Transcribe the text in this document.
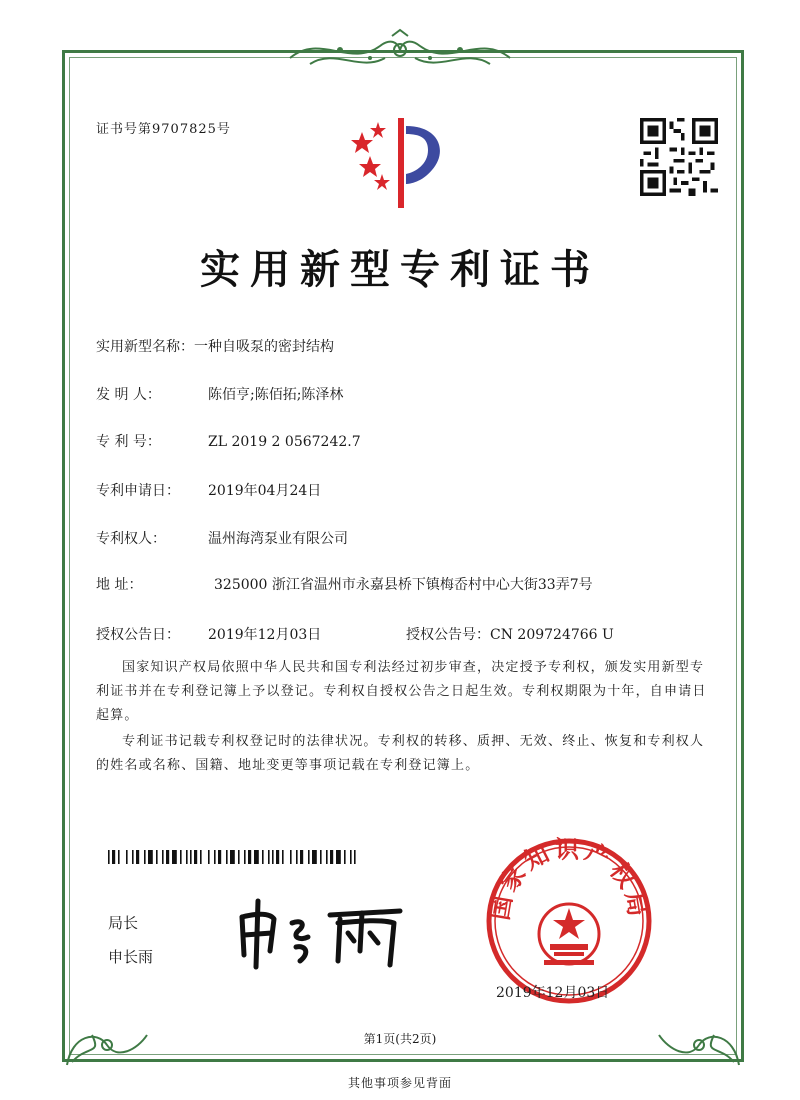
证书号第9707825号
实用新型专利证书
实用新型名称：一种自吸泵的密封结构
发 明 人：	陈佰亨;陈佰拓;陈泽林
专 利 号：	ZL 2019 2 0567242.7
专利申请日： 2019年04月24日
专利权人：	温州海湾泵业有限公司
地 址：	325000 浙江省温州市永嘉县桥下镇梅岙村中心大街33弄7号
授权公告日： 2019年12月03日	授权公告号：CN 209724766 U
国家知识产权局依照中华人民共和国专利法经过初步审查，决定授予专利权，颁发实用新型专利证书并在专利登记簿上予以登记。专利权自授权公告之日起生效。专利权期限为十年，自申请日起算。
专利证书记载专利权登记时的法律状况。专利权的转移、质押、无效、终止、恢复和专利权人的姓名或名称、国籍、地址变更等事项记载在专利登记簿上。
局长
申长雨
国家知识产权局
2019年12月03日
第1页(共2页)
其他事项参见背面
